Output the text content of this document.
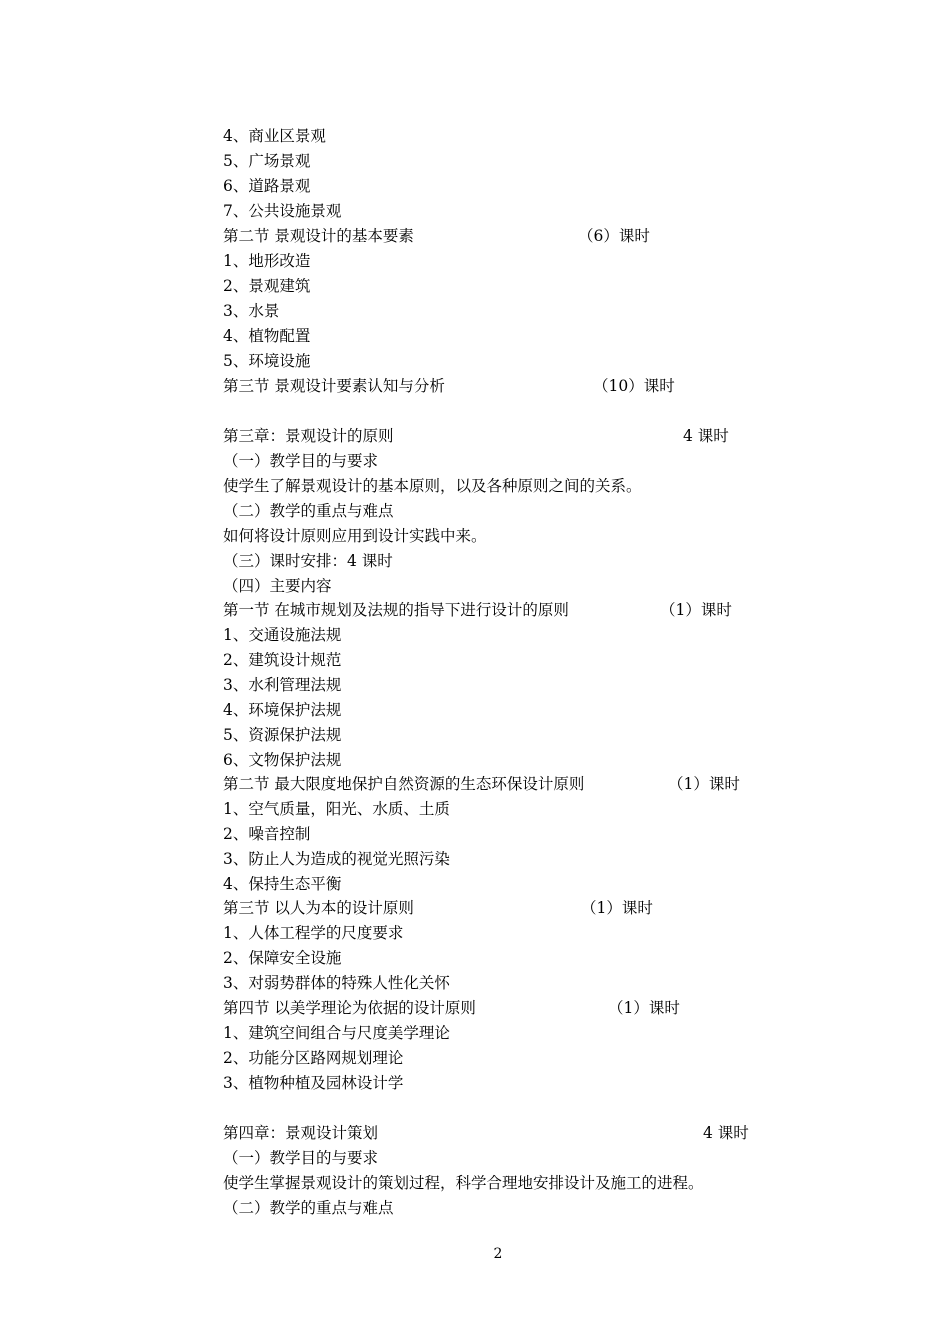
4、商业区景观
5、广场景观
6、道路景观
7、公共设施景观
第二节 景观设计的基本要素	（6）课时
1、地形改造
2、景观建筑
3、水景
4、植物配置
5、环境设施
第三节 景观设计要素认知与分析	（10）课时
第三章：景观设计的原则	4 课时
（一）教学目的与要求
使学生了解景观设计的基本原则，以及各种原则之间的关系。
（二）教学的重点与难点
如何将设计原则应用到设计实践中来。
（三）课时安排：4 课时
（四）主要内容
第一节 在城市规划及法规的指导下进行设计的原则	（1）课时
1、交通设施法规
2、建筑设计规范
3、水利管理法规
4、环境保护法规
5、资源保护法规
6、文物保护法规
第二节 最大限度地保护自然资源的生态环保设计原则	（1）课时
1、空气质量，阳光、水质、土质
2、噪音控制
3、防止人为造成的视觉光照污染
4、保持生态平衡
第三节 以人为本的设计原则	（1）课时
1、人体工程学的尺度要求
2、保障安全设施
3、对弱势群体的特殊人性化关怀
第四节 以美学理论为依据的设计原则	（1）课时
1、建筑空间组合与尺度美学理论
2、功能分区路网规划理论
3、植物种植及园林设计学
第四章：景观设计策划	4 课时
（一）教学目的与要求
使学生掌握景观设计的策划过程，科学合理地安排设计及施工的进程。
（二）教学的重点与难点
2
